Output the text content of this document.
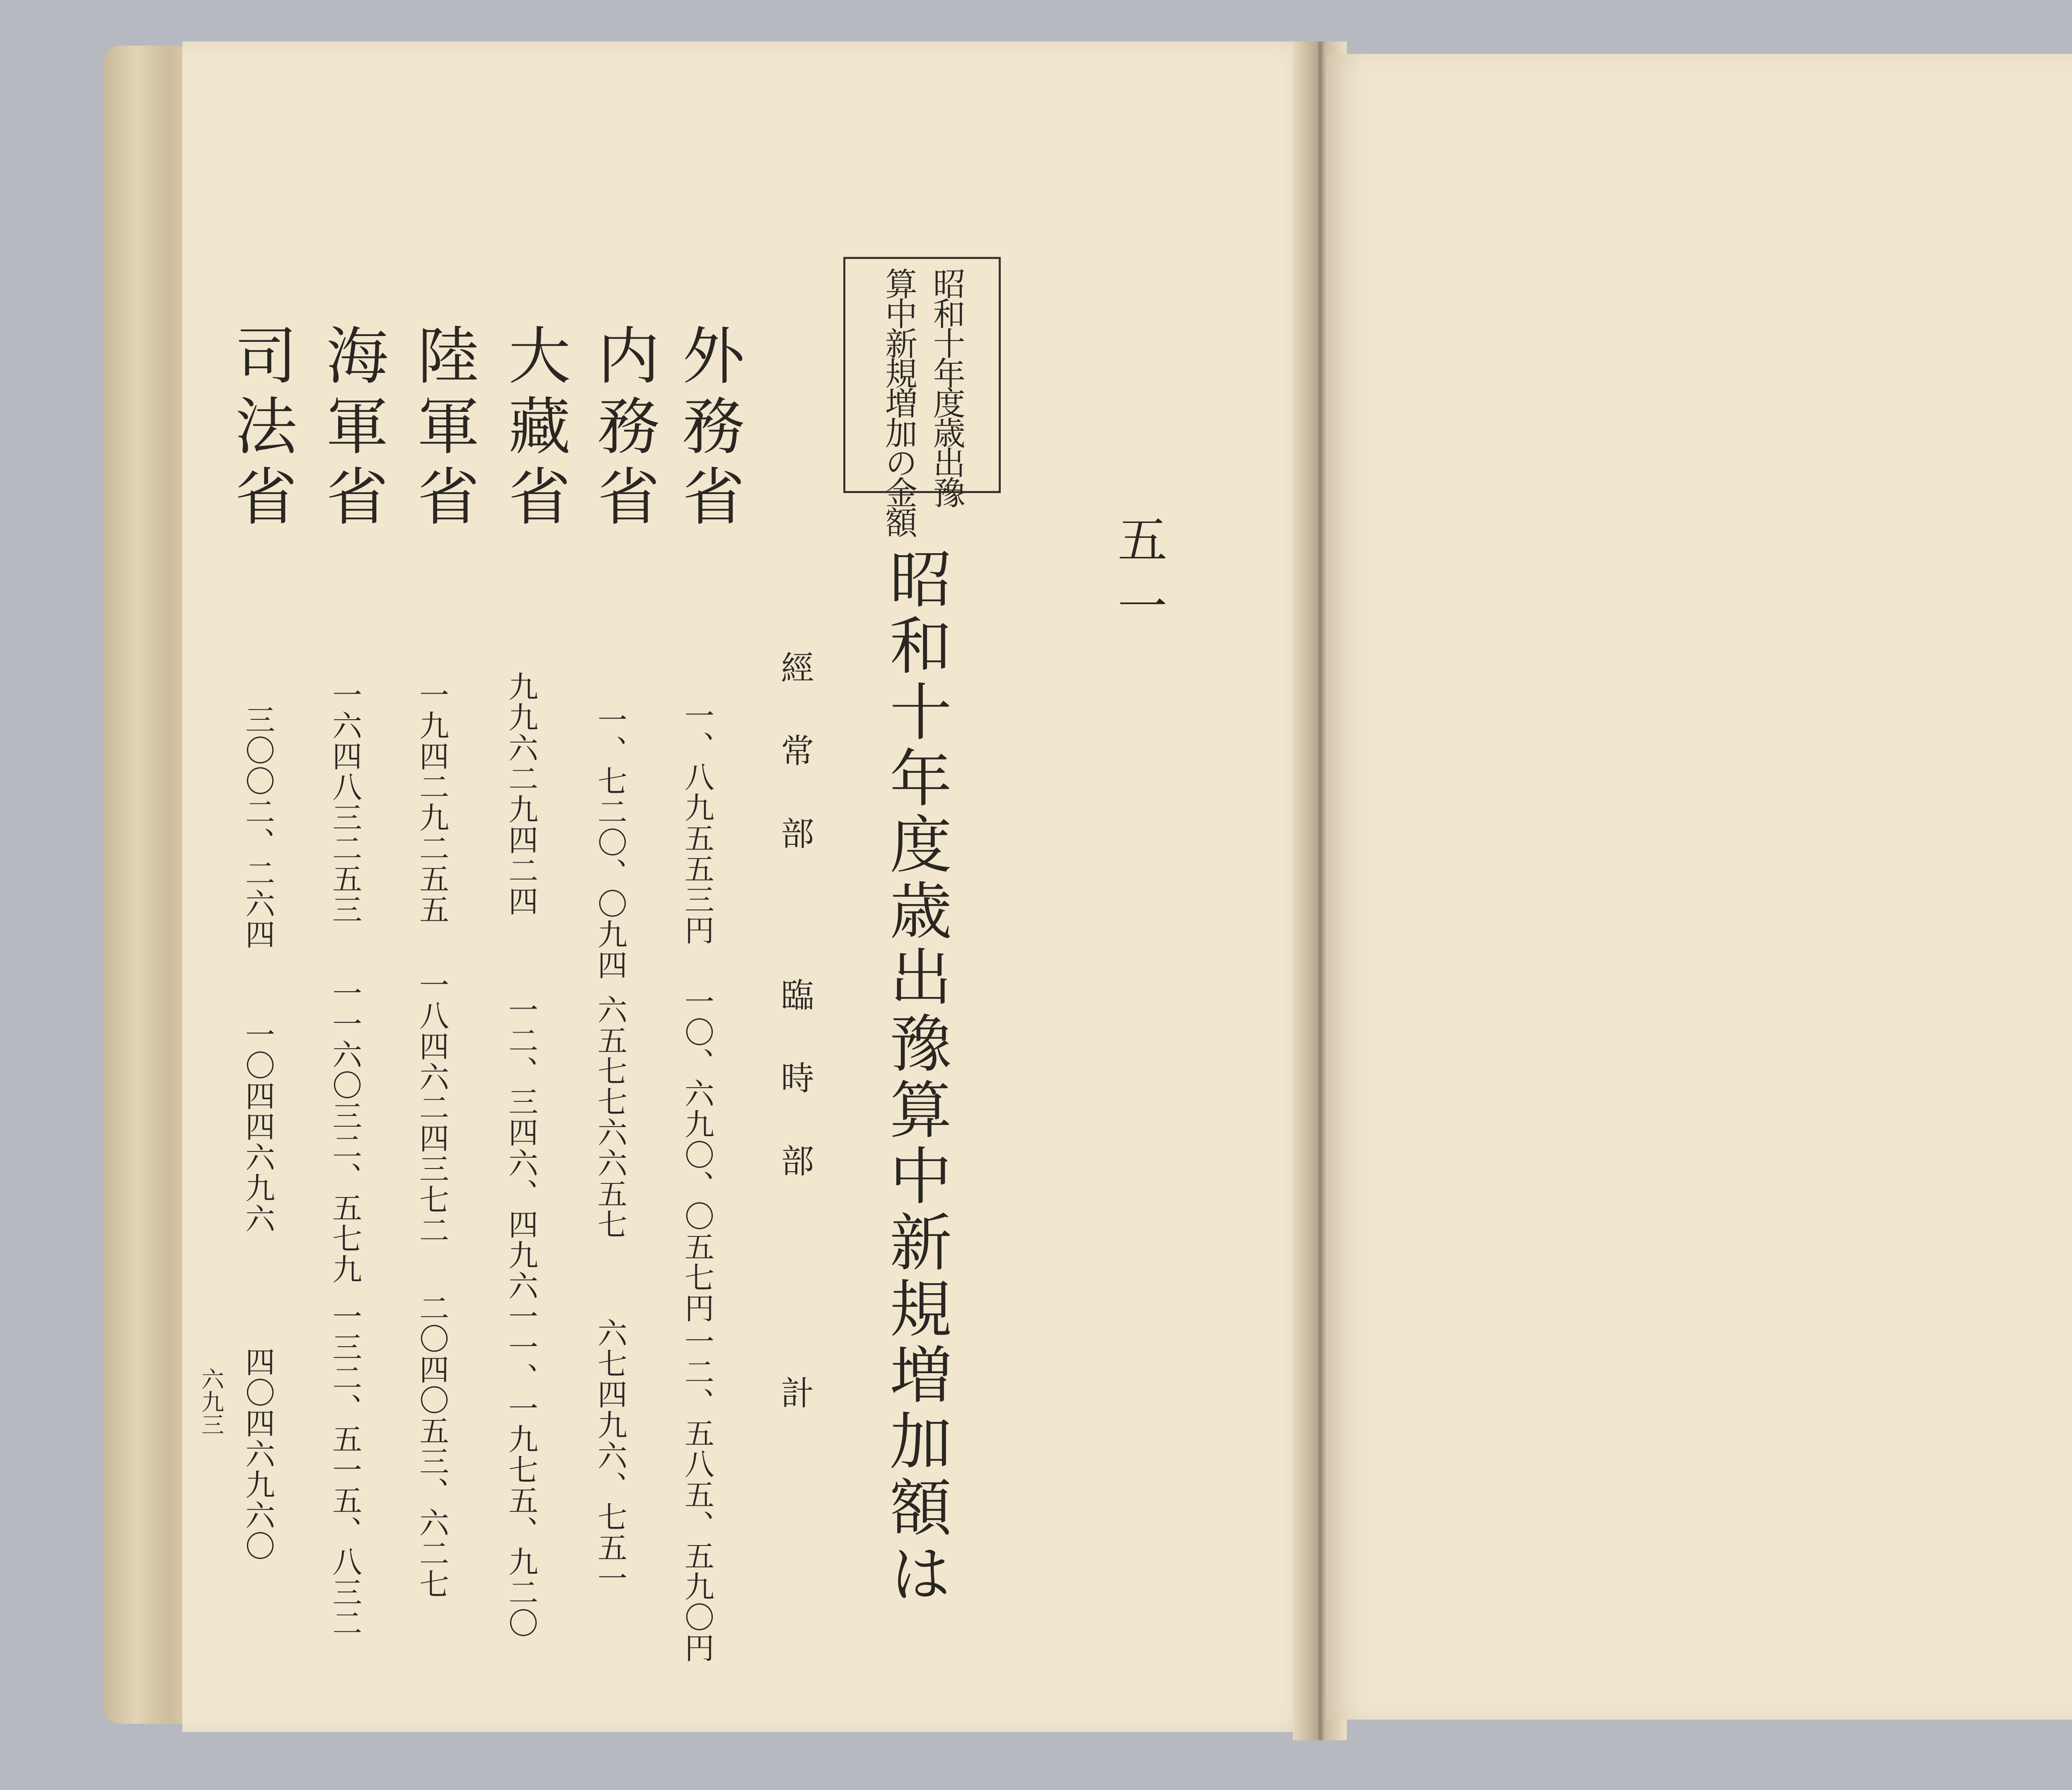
昭和十年度歳出豫
算中新規増加の金額
五一
昭和十年度歳出豫算中新規増加額は
經常部
臨時部
計
外務省
内務省
大藏省
陸軍省
海軍省
司法省
一、八九五五三円
一〇、六九〇、〇五七円
一二、五八五、五九〇円
一、七二〇、〇九四
六五七七六六五七
六七四九六、七五一
九九六二九四二四
一二、三四六、四九六
一一、一九七五、九二〇
一九四二九二五五
一八四六二四三七二
二〇四〇五三、六二七
一六四八三二五三
一一六〇三二、五七九
一三二、五一五、八三二
三〇〇二、二六四
一〇四四六九六
四〇四六九六〇
六九三
